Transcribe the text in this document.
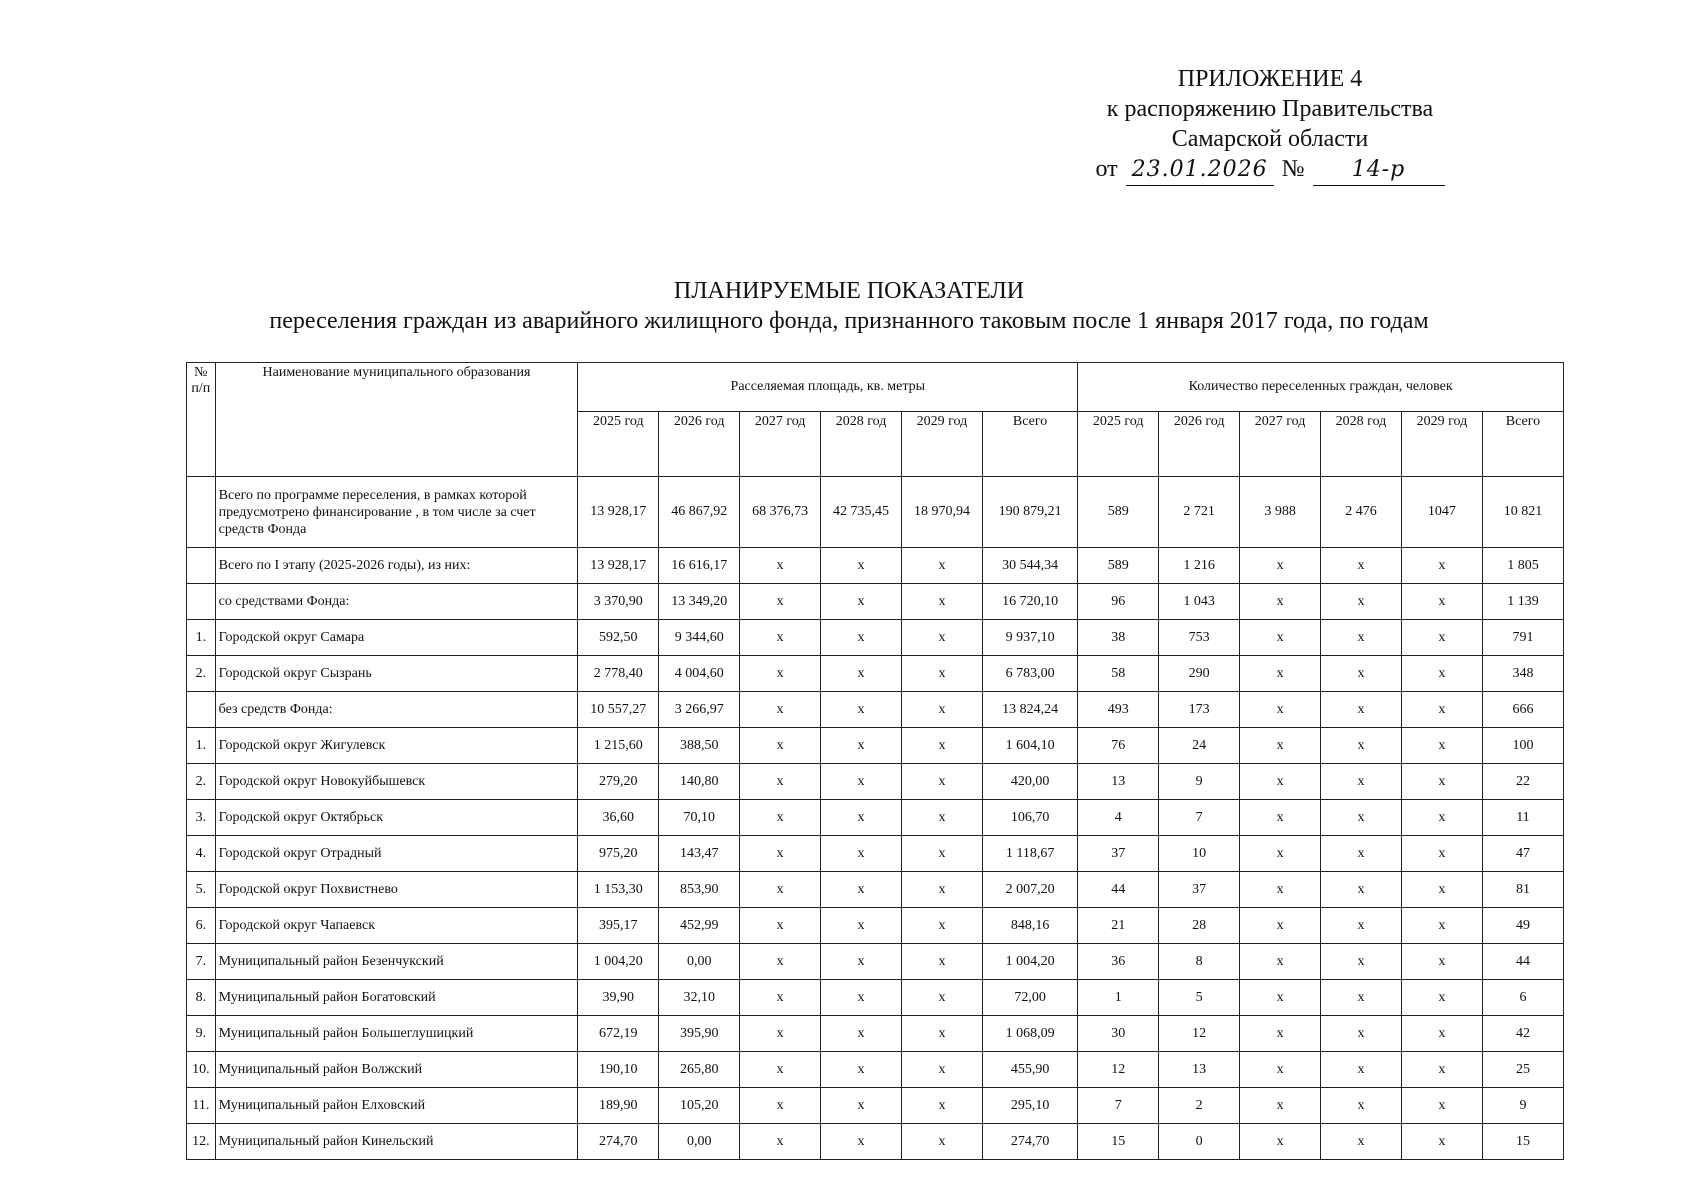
ПРИЛОЖЕНИЕ 4
к распоряжению Правительства
Самарской области
от 23.01.2026 №	14-р
ПЛАНИРУЕМЫЕ ПОКАЗАТЕЛИ
переселения граждан из аварийного жилищного фонда, признанного таковым после 1 января 2017 года, по годам
№ п/п	Наименование муниципального образования	Расселяемая площадь, кв. метры						Количество переселенных граждан, человек					
		2025 год	2026 год	2027 год	2028 год	2029 год	Всего	2025 год	2026 год	2027 год	2028 год	2029 год	Всего
	Всего по программе переселения, в рамках которой предусмотрено финансирование , в том числе за счет средств Фонда	13 928,17	46 867,92	68 376,73	42 735,45	18 970,94	190 879,21	589	2 721	3 988	2 476	1047	10 821
	Всего по I этапу (2025-2026 годы), из них:	13 928,17	16 616,17	x	x	x	30 544,34	589	1 216	x	x	x	1 805
	со средствами Фонда:	3 370,90	13 349,20	x	x	x	16 720,10	96	1 043	x	x	x	1 139
1.	Городской округ Самара	592,50	9 344,60	x	x	x	9 937,10	38	753	x	x	x	791
2.	Городской округ Сызрань	2 778,40	4 004,60	x	x	x	6 783,00	58	290	x	x	x	348
	без средств Фонда:	10 557,27	3 266,97	x	x	x	13 824,24	493	173	x	x	x	666
1.	Городской округ Жигулевск	1 215,60	388,50	x	x	x	1 604,10	76	24	x	x	x	100
2.	Городской округ Новокуйбышевск	279,20	140,80	x	x	x	420,00	13	9	x	x	x	22
3.	Городской округ Октябрьск	36,60	70,10	x	x	x	106,70	4	7	x	x	x	11
4.	Городской округ Отрадный	975,20	143,47	x	x	x	1 118,67	37	10	x	x	x	47
5.	Городской округ Похвистнево	1 153,30	853,90	x	x	x	2 007,20	44	37	x	x	x	81
6.	Городской округ Чапаевск	395,17	452,99	x	x	x	848,16	21	28	x	x	x	49
7.	Муниципальный район Безенчукский	1 004,20	0,00	x	x	x	1 004,20	36	8	x	x	x	44
8.	Муниципальный район Богатовский	39,90	32,10	x	x	x	72,00	1	5	x	x	x	6
9.	Муниципальный район Большеглушицкий	672,19	395,90	x	x	x	1 068,09	30	12	x	x	x	42
10.	Муниципальный район Волжский	190,10	265,80	x	x	x	455,90	12	13	x	x	x	25
11.	Муниципальный район Елховский	189,90	105,20	x	x	x	295,10	7	2	x	x	x	9
12.	Муниципальный район Кинельский	274,70	0,00	x	x	x	274,70	15	0	x	x	x	15
